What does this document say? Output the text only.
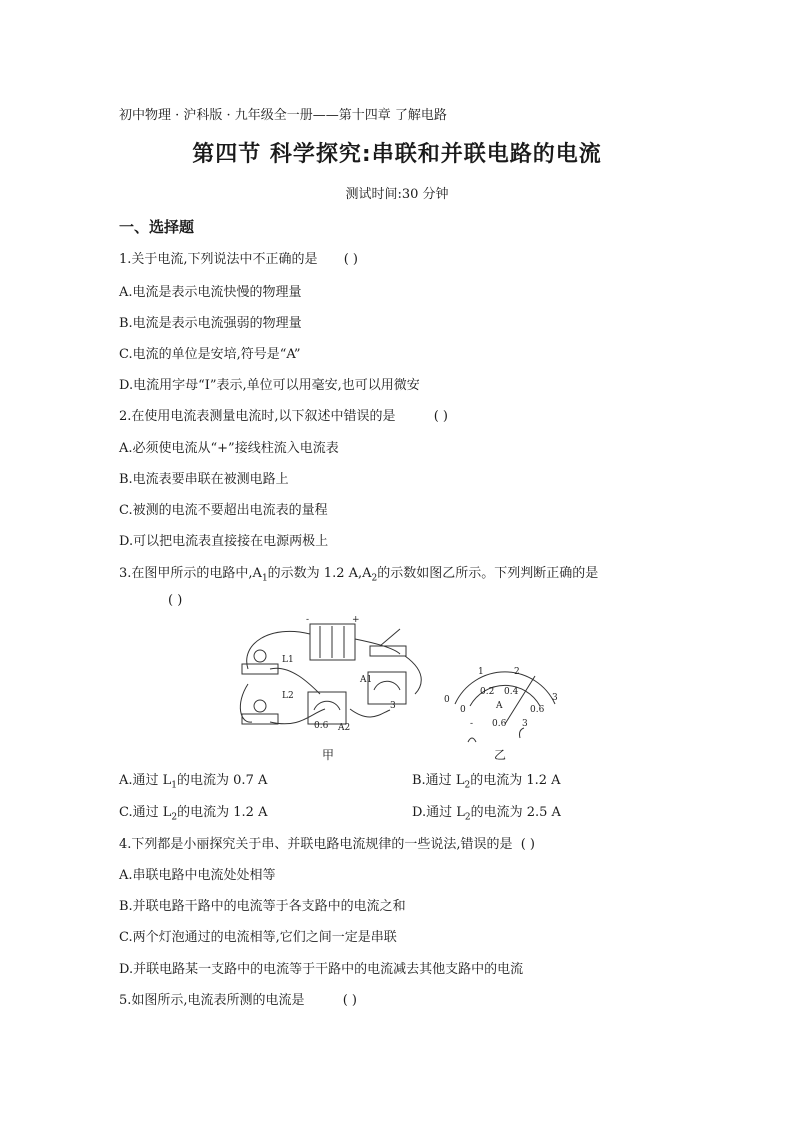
初中物理 · 沪科版 · 九年级全一册——第十四章 了解电路
第四节 科学探究:串联和并联电路的电流
测试时间:30 分钟
一、选择题
1.关于电流,下列说法中不正确的是 ( )
A.电流是表示电流快慢的物理量
B.电流是表示电流强弱的物理量
C.电流的单位是安培,符号是“A”
D.电流用字母“I”表示,单位可以用毫安,也可以用微安
2.在使用电流表测量电流时,以下叙述中错误的是	( )
A.必须使电流从“+”接线柱流入电流表
B.电流表要串联在被测电路上
C.被测的电流不要超出电流表的量程
D.可以把电流表直接接在电源两极上
3.在图甲所示的电路中$,A_1$的示数为 1.2 $A,A_2$的示数如图乙所示。下列判断正确的是
( )
L1
L2
A1
A2
+
-
0.6
3
0
1	2
3
0
0.2 0.4
0.6
A
- 0.6 3
甲	乙
A.通过 $L_1$的电流为 0.7 A	B.通过 $L_2$的电流为 1.2 A
C.通过 $L_2$的电流为 1.2 A	D.通过 $L_2$的电流为 2.5 A
4.下列都是小丽探究关于串、并联电路电流规律的一些说法,错误的是 ( )
A.串联电路中电流处处相等
B.并联电路干路中的电流等于各支路中的电流之和
C.两个灯泡通过的电流相等,它们之间一定是串联
D.并联电路某一支路中的电流等于干路中的电流减去其他支路中的电流
5.如图所示,电流表所测的电流是	( )
